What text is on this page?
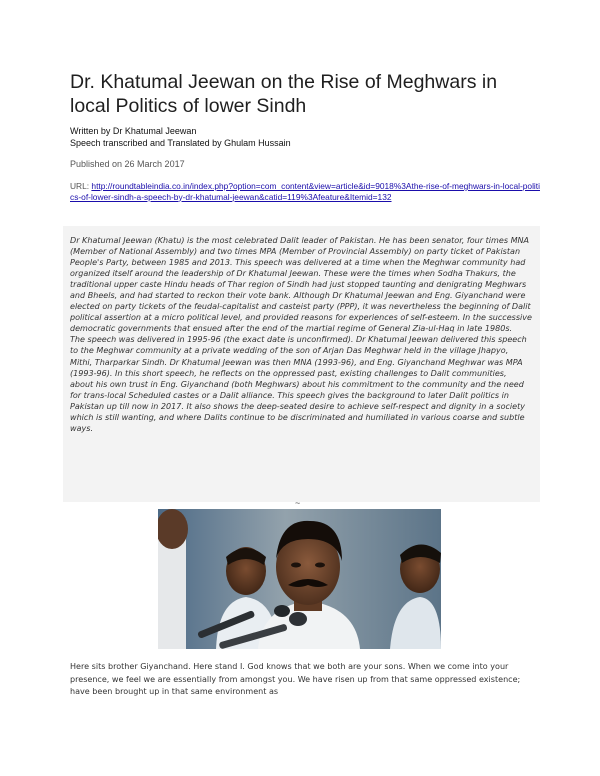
Dr. Khatumal Jeewan on the Rise of Meghwars in local Politics of lower Sindh
Written by Dr Khatumal Jeewan
Speech transcribed and Translated by Ghulam Hussain
Published on 26 March 2017
URL: http://roundtableindia.co.in/index.php?option=com_content&view=article&id=9018%3Athe-rise-of-meghwars-in-local-politics-of-lower-sindh-a-speech-by-dr-khatumal-jeewan&catid=119%3Afeature&Itemid=132

Dr Khatumal Jeewan (Khatu) is the most celebrated Dalit leader of Pakistan. He has been senator, four times MNA (Member of National Assembly) and two times MPA (Member of Provincial Assembly) on party ticket of Pakistan People's Party, between 1985 and 2013. This speech was delivered at a time when the Meghwar community had organized itself around the leadership of Dr Khatumal Jeewan. These were the times when Sodha Thakurs, the traditional upper caste Hindu heads of Thar region of Sindh had just stopped taunting and denigrating Meghwars and Bheels, and had started to reckon their vote bank. Although Dr Khatumal Jeewan and Eng. Giyanchand were elected on party tickets of the feudal-capitalist and casteist party (PPP), it was nevertheless the beginning of Dalit political assertion at a micro political level, and provided reasons for experiences of self-esteem. In the successive democratic governments that ensued after the end of the martial regime of General Zia-ul-Haq in late 1980s.

The speech was delivered in 1995-96 (the exact date is unconfirmed). Dr Khatumal Jeewan delivered this speech to the Meghwar community at a private wedding of the son of Arjan Das Meghwar held in the village Jhapyo, Mithi, Tharparkar Sindh. Dr Khatumal Jeewan was then MNA (1993-96), and Eng. Giyanchand Meghwar was MPA (1993-96). In this short speech, he reflects on the oppressed past, existing challenges to Dalit communities, about his own trust in Eng. Giyanchand (both Meghwars) about his commitment to the community and the need for trans-local Scheduled castes or a Dalit alliance. This speech gives the background to later Dalit politics in Pakistan up till now in 2017. It also shows the deep-seated desire to achieve self-respect and dignity in a society which is still wanting, and where Dalits continue to be discriminated and humiliated in various coarse and subtle ways.

~

Here sits brother Giyanchand. Here stand I. God knows that we both are your sons. When we come into your presence, we feel we are essentially from amongst you. We have risen up from that same oppressed existence; have been brought up in that same environment as
